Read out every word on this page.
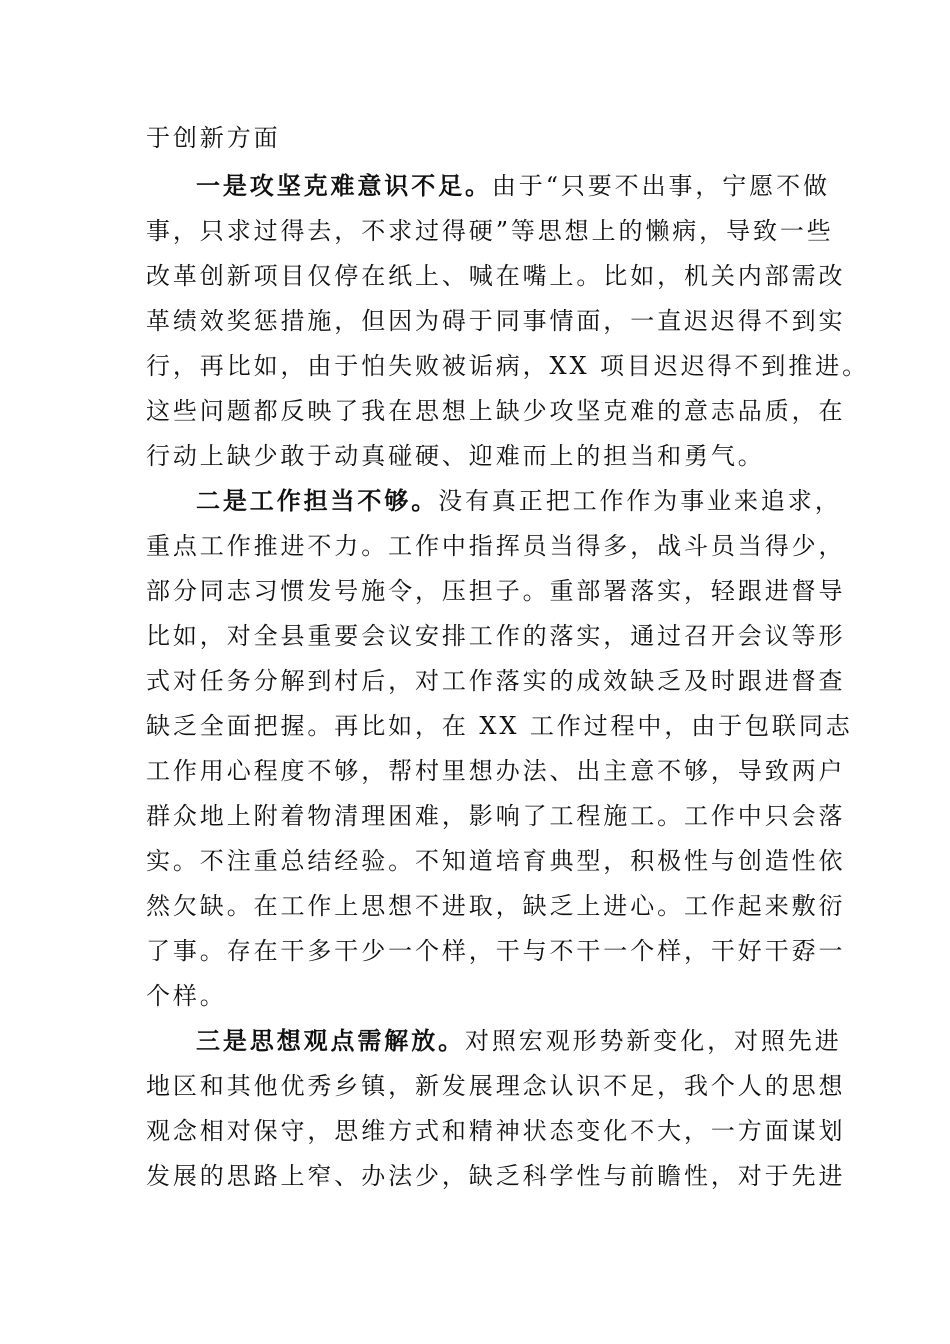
于创新方面
一是攻坚克难意识不足。由于“只要不出事，宁愿不做
事，只求过得去，不求过得硬”等思想上的懒病，导致一些
改革创新项目仅停在纸上、喊在嘴上。比如，机关内部需改
革绩效奖惩措施，但因为碍于同事情面，一直迟迟得不到实
行，再比如，由于怕失败被诟病，XX 项目迟迟得不到推进。
这些问题都反映了我在思想上缺少攻坚克难的意志品质，在
行动上缺少敢于动真碰硬、迎难而上的担当和勇气。
二是工作担当不够。没有真正把工作作为事业来追求，
重点工作推进不力。工作中指挥员当得多，战斗员当得少，
部分同志习惯发号施令，压担子。重部署落实，轻跟进督导
比如，对全县重要会议安排工作的落实，通过召开会议等形
式对任务分解到村后，对工作落实的成效缺乏及时跟进督查
缺乏全面把握。再比如，在 XX 工作过程中，由于包联同志
工作用心程度不够，帮村里想办法、出主意不够，导致两户
群众地上附着物清理困难，影响了工程施工。工作中只会落
实。不注重总结经验。不知道培育典型，积极性与创造性依
然欠缺。在工作上思想不进取，缺乏上进心。工作起来敷衍
了事。存在干多干少一个样，干与不干一个样，干好干孬一
个样。
三是思想观点需解放。对照宏观形势新变化，对照先进
地区和其他优秀乡镇，新发展理念认识不足，我个人的思想
观念相对保守，思维方式和精神状态变化不大，一方面谋划
发展的思路上窄、办法少，缺乏科学性与前瞻性，对于先进
